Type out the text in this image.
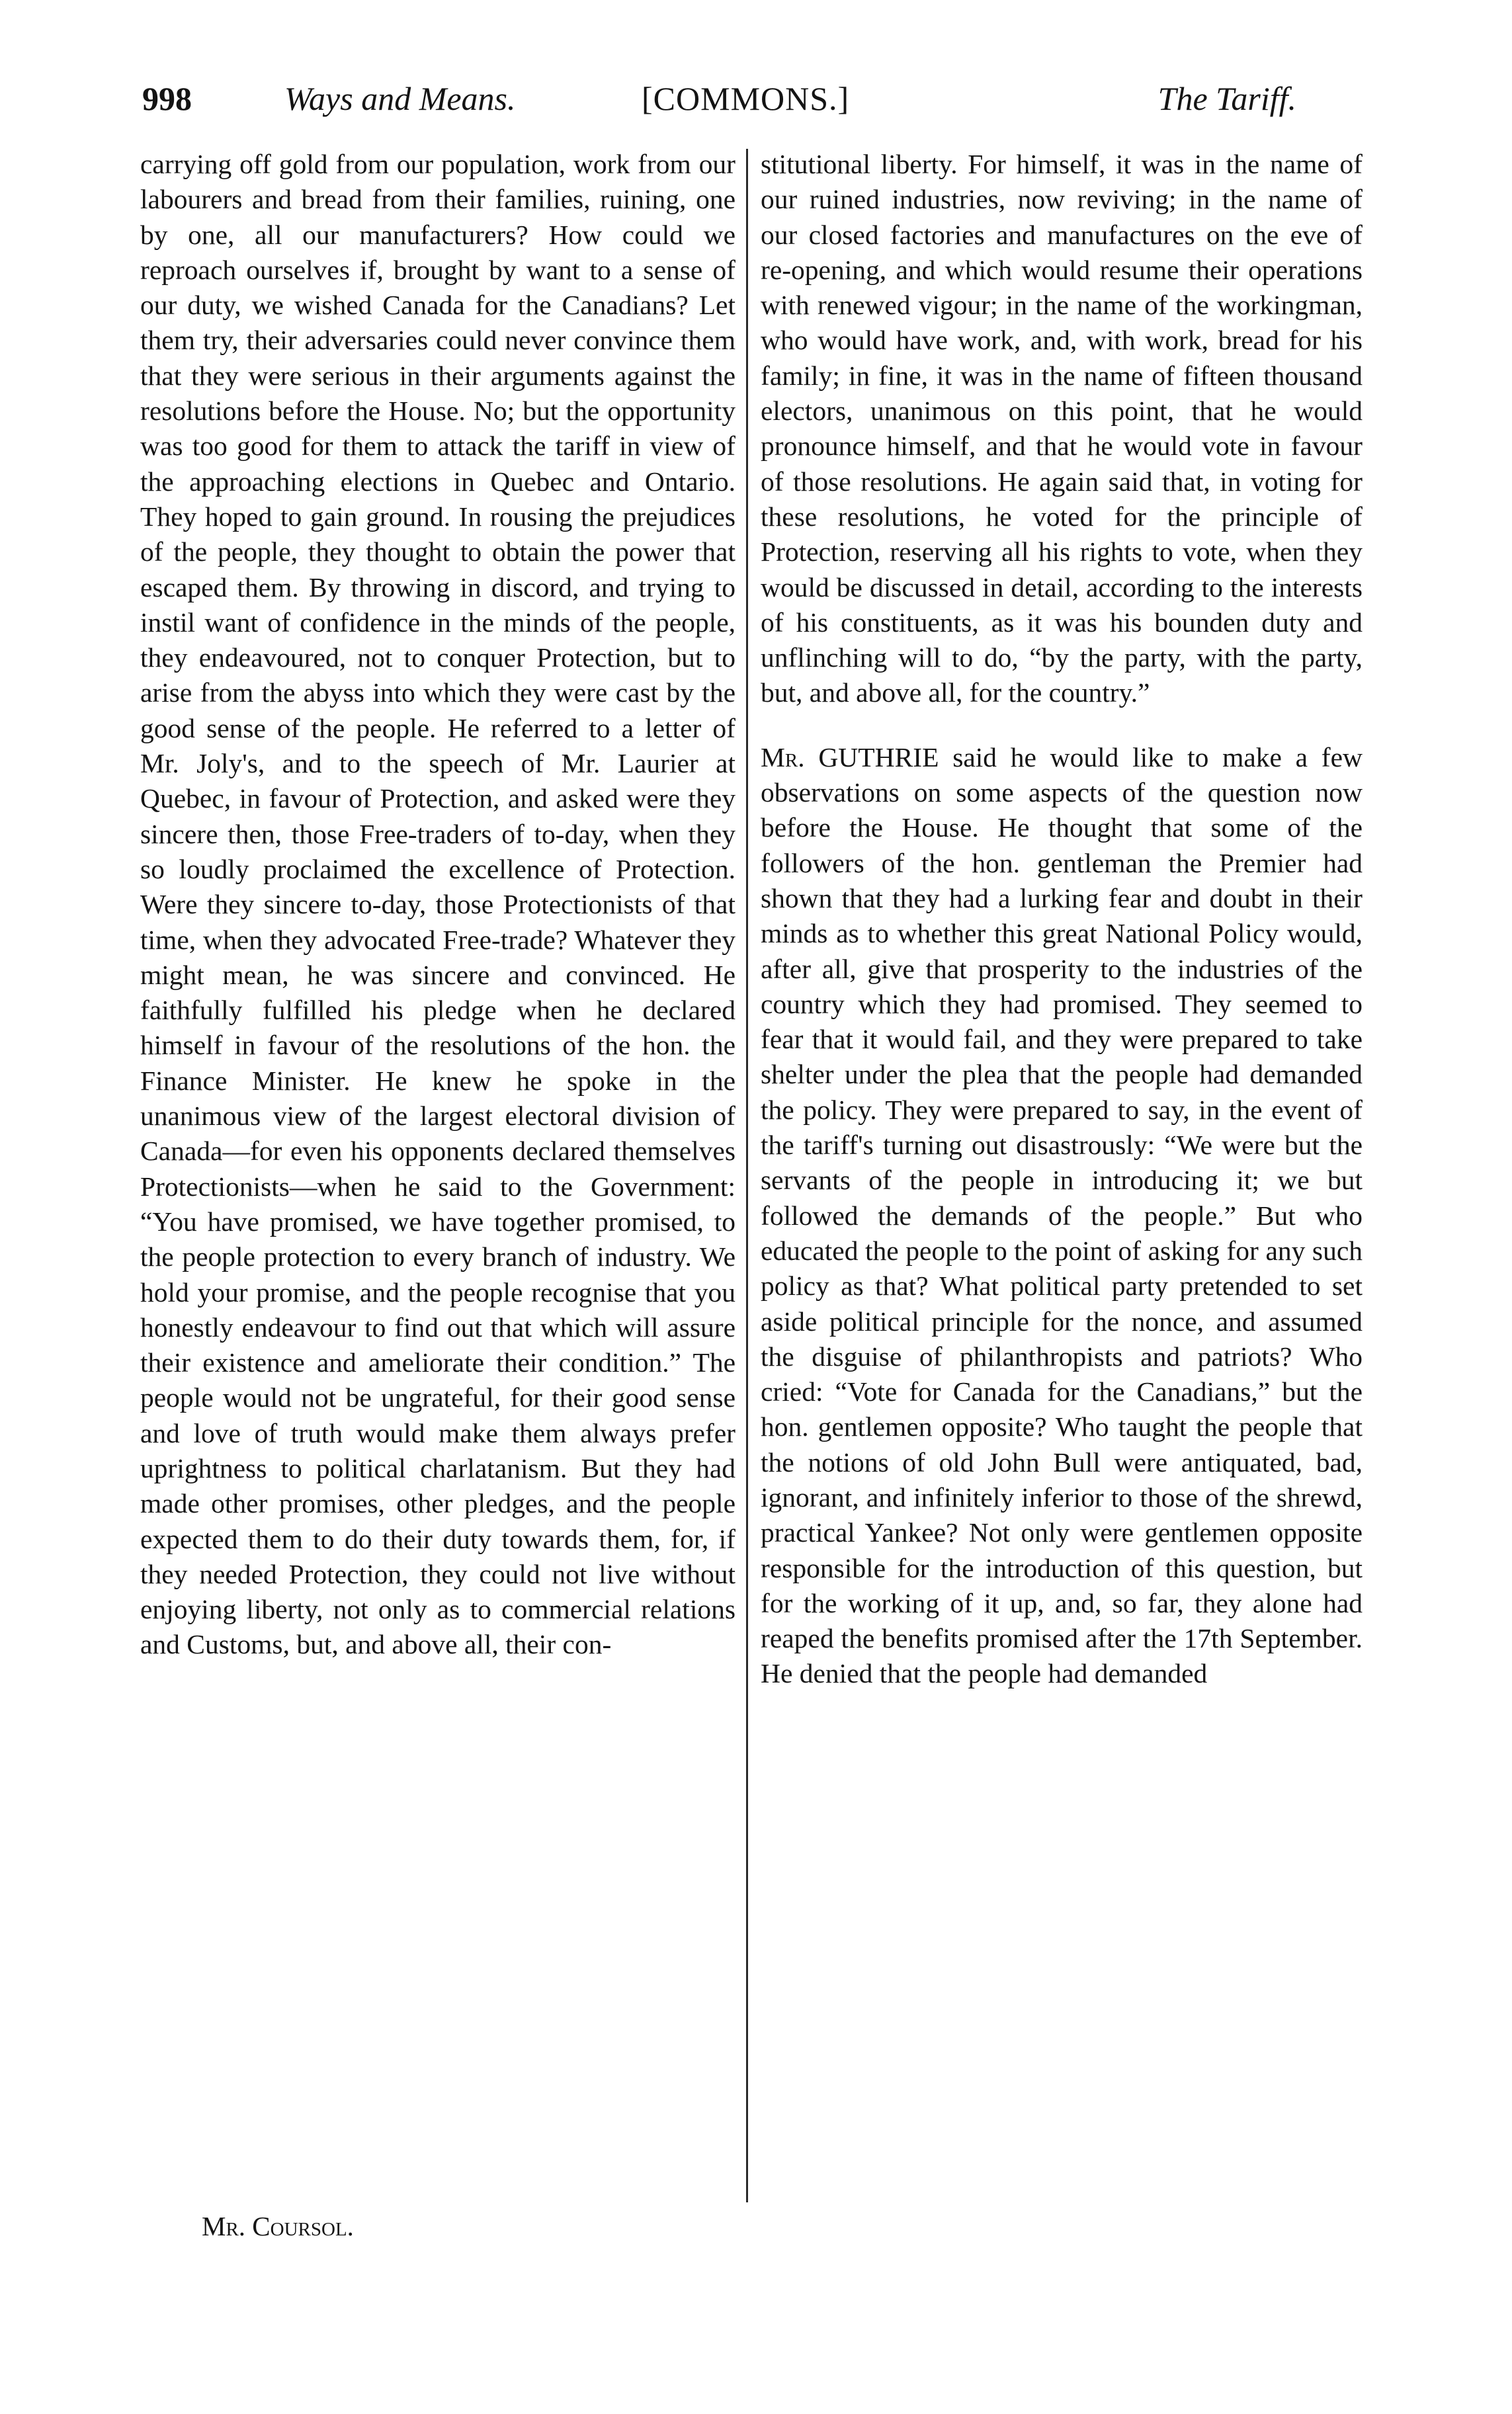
998	Ways and Means.	[COMMONS.]	The Tariff.

carrying off gold from our population, work from our labourers and bread from their families, ruining, one by one, all our manufacturers? How could we reproach ourselves if, brought by want to a sense of our duty, we wished Canada for the Canadians? Let them try, their adversaries could never convince them that they were serious in their arguments against the resolutions before the House. No; but the opportunity was too good for them to attack the tariff in view of the approaching elections in Quebec and Ontario. They hoped to gain ground. In rousing the prejudices of the people, they thought to obtain the power that escaped them. By throwing in discord, and trying to instil want of confidence in the minds of the people, they endeavoured, not to conquer Protection, but to arise from the abyss into which they were cast by the good sense of the people. He referred to a letter of Mr. Joly's, and to the speech of Mr. Laurier at Quebec, in favour of Protection, and asked were they sincere then, those Free-traders of to-day, when they so loudly proclaimed the excellence of Protection. Were they sincere to-day, those Protectionists of that time, when they advocated Free-trade? Whatever they might mean, he was sincere and convinced. He faithfully fulfilled his pledge when he declared himself in favour of the resolutions of the hon. the Finance Minister. He knew he spoke in the unanimous view of the largest electoral division of Canada—for even his opponents declared themselves Protectionists—when he said to the Government: “You have promised, we have together promised, to the people protection to every branch of industry. We hold your promise, and the people recognise that you honestly endeavour to find out that which will assure their existence and ameliorate their condition.” The people would not be ungrateful, for their good sense and love of truth would make them always prefer uprightness to political charlatanism. But they had made other promises, other pledges, and the people expected them to do their duty towards them, for, if they needed Protection, they could not live without enjoying liberty, not only as to commercial relations and Customs, but, and above all, their con-

stitutional liberty. For himself, it was in the name of our ruined industries, now reviving; in the name of our closed factories and manufactures on the eve of re-opening, and which would resume their operations with renewed vigour; in the name of the workingman, who would have work, and, with work, bread for his family; in fine, it was in the name of fifteen thousand electors, unanimous on this point, that he would pronounce himself, and that he would vote in favour of those resolutions. He again said that, in voting for these resolutions, he voted for the principle of Protection, reserving all his rights to vote, when they would be discussed in detail, according to the interests of his constituents, as it was his bounden duty and unflinching will to do, “by the party, with the party, but, and above all, for the country.”

Mr. GUTHRIE said he would like to make a few observations on some aspects of the question now before the House. He thought that some of the followers of the hon. gentleman the Premier had shown that they had a lurking fear and doubt in their minds as to whether this great National Policy would, after all, give that prosperity to the industries of the country which they had promised. They seemed to fear that it would fail, and they were prepared to take shelter under the plea that the people had demanded the policy. They were prepared to say, in the event of the tariff's turning out disastrously: “We were but the servants of the people in introducing it; we but followed the demands of the people.” But who educated the people to the point of asking for any such policy as that? What political party pretended to set aside political principle for the nonce, and assumed the disguise of philanthropists and patriots? Who cried: “Vote for Canada for the Canadians,” but the hon. gentlemen opposite? Who taught the people that the notions of old John Bull were antiquated, bad, ignorant, and infinitely inferior to those of the shrewd, practical Yankee? Not only were gentlemen opposite responsible for the introduction of this question, but for the working of it up, and, so far, they alone had reaped the benefits promised after the 17th September. He denied that the people had demanded

Mr. Coursol.
